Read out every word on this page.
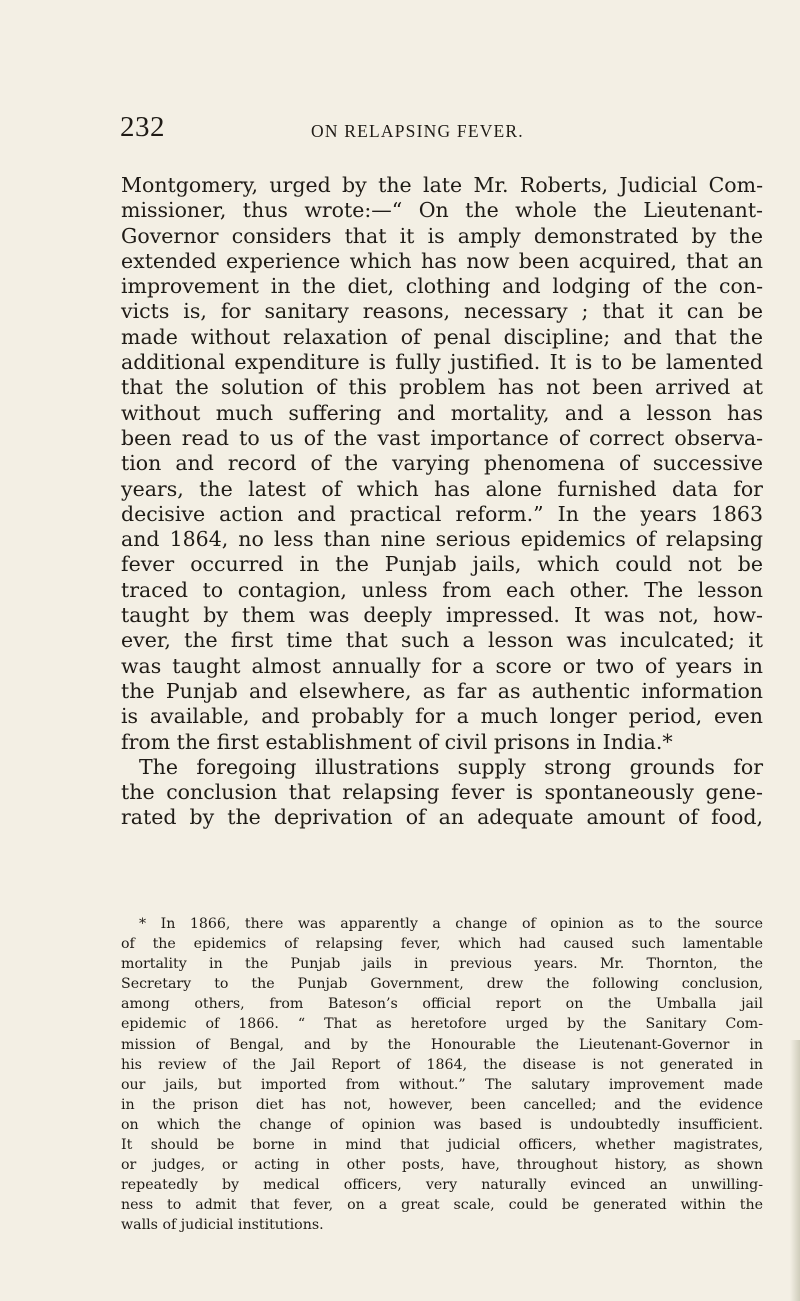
232	ON RELAPSING FEVER.
Montgomery, urged by the late Mr. Roberts, Judicial Com-
missioner, thus wrote:—“ On the whole the Lieutenant-
Governor considers that it is amply demonstrated by the
extended experience which has now been acquired, that an
improvement in the diet, clothing and lodging of the con-
victs is, for sanitary reasons, necessary ; that it can be
made without relaxation of penal discipline; and that the
additional expenditure is fully justified. It is to be lamented
that the solution of this problem has not been arrived at
without much suffering and mortality, and a lesson has
been read to us of the vast importance of correct observa-
tion and record of the varying phenomena of successive
years, the latest of which has alone furnished data for
decisive action and practical reform.” In the years 1863
and 1864, no less than nine serious epidemics of relapsing
fever occurred in the Punjab jails, which could not be
traced to contagion, unless from each other. The lesson
taught by them was deeply impressed. It was not, how-
ever, the first time that such a lesson was inculcated; it
was taught almost annually for a score or two of years in
the Punjab and elsewhere, as far as authentic information
is available, and probably for a much longer period, even
from the first establishment of civil prisons in India.*
The foregoing illustrations supply strong grounds for
the conclusion that relapsing fever is spontaneously gene-
rated by the deprivation of an adequate amount of food,
* In 1866, there was apparently a change of opinion as to the source
of the epidemics of relapsing fever, which had caused such lamentable
mortality in the Punjab jails in previous years. Mr. Thornton, the
Secretary to the Punjab Government, drew the following conclusion,
among others, from Bateson’s official report on the Umballa jail
epidemic of 1866. “ That as heretofore urged by the Sanitary Com-
mission of Bengal, and by the Honourable the Lieutenant-Governor in
his review of the Jail Report of 1864, the disease is not generated in
our jails, but imported from without.” The salutary improvement made
in the prison diet has not, however, been cancelled; and the evidence
on which the change of opinion was based is undoubtedly insufficient.
It should be borne in mind that judicial officers, whether magistrates,
or judges, or acting in other posts, have, throughout history, as shown
repeatedly by medical officers, very naturally evinced an unwilling-
ness to admit that fever, on a great scale, could be generated within the
walls of judicial institutions.
